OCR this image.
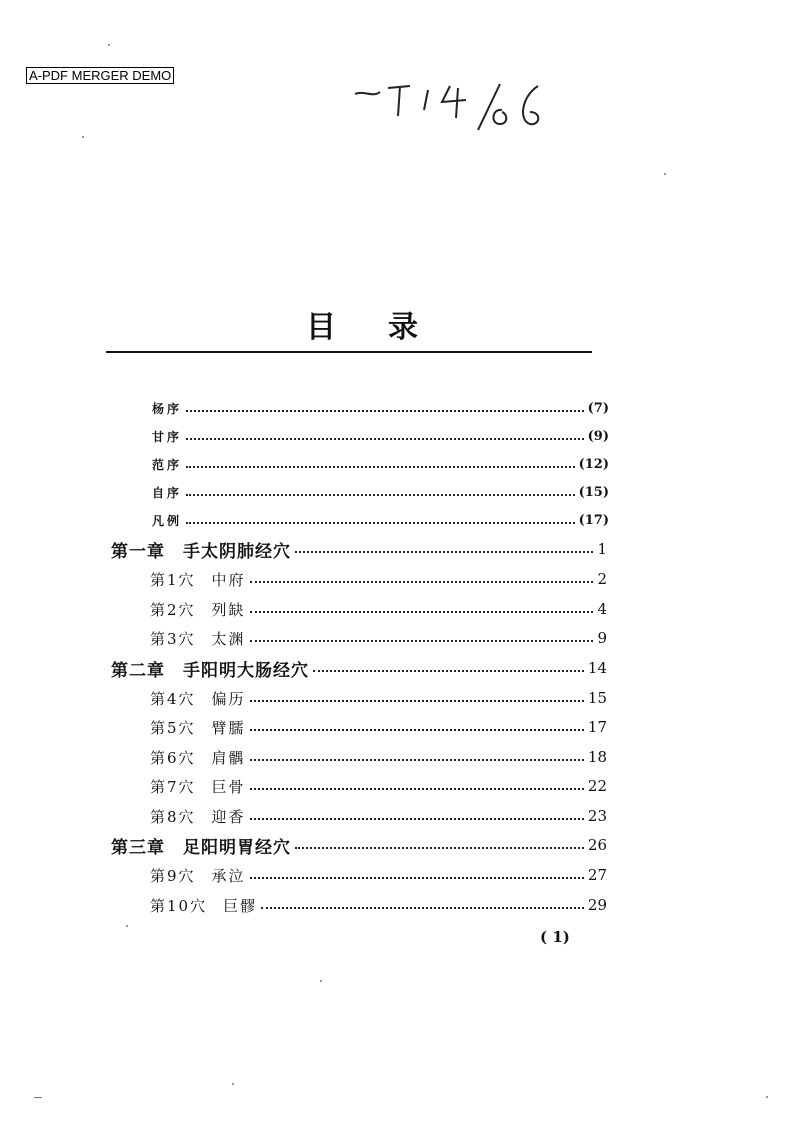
A-PDF MERGER DEMO
目录
杨序	(7)
甘序	(9)
范序	(12)
自序	(15)
凡例	(17)
第一章 手太阴肺经穴	1
第1穴 中府	2
第2穴 列缺	4
第3穴 太渊	9
第二章 手阳明大肠经穴	14
第4穴 偏历	15
第5穴 臂臑	17
第6穴 肩髃	18
第7穴 巨骨	22
第8穴 迎香	23
第三章 足阳明胃经穴	26
第9穴 承泣	27
第10穴 巨髎	29
( 1)
